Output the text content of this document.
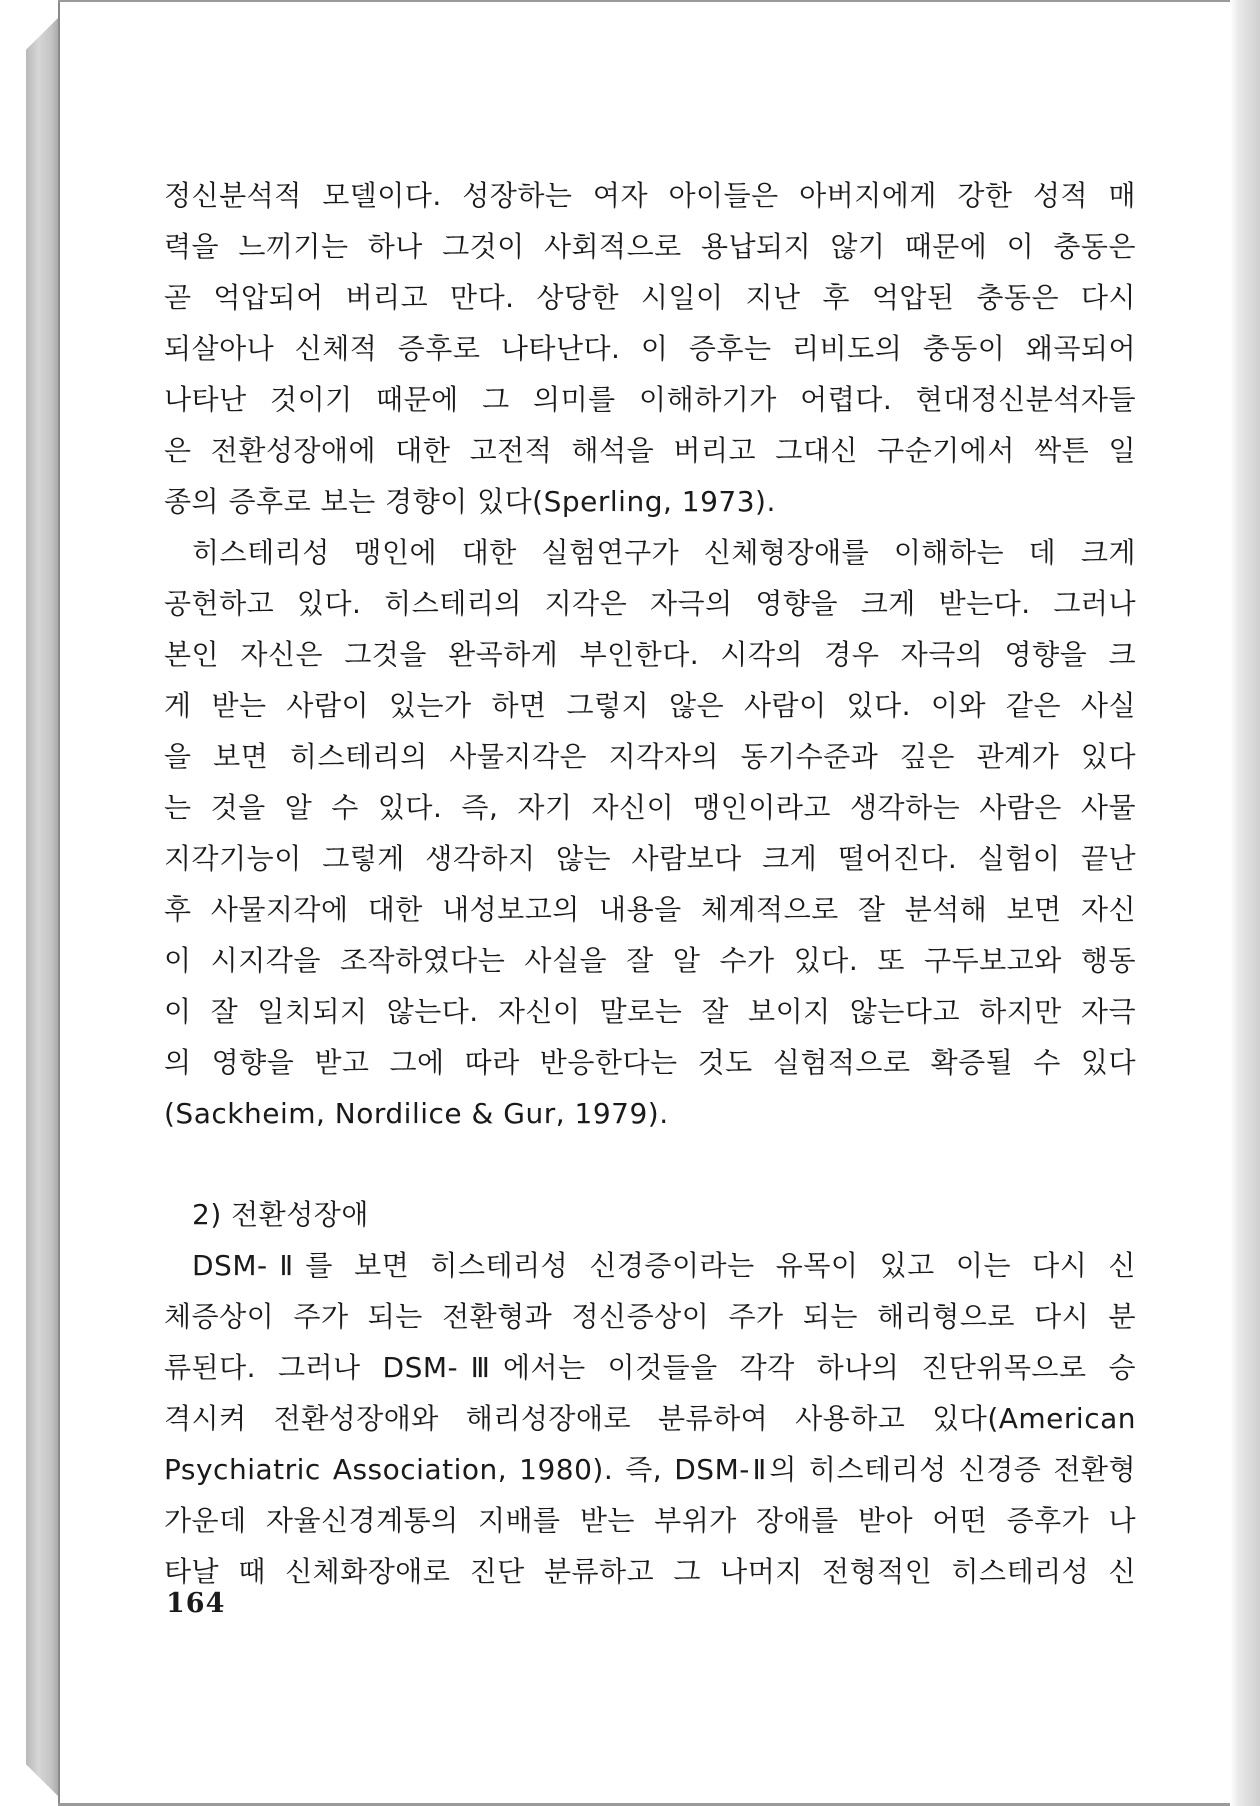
정신분석적 모델이다. 성장하는 여자 아이들은 아버지에게 강한 성적 매
력을 느끼기는 하나 그것이 사회적으로 용납되지 않기 때문에 이 충동은
곧 억압되어 버리고 만다. 상당한 시일이 지난 후 억압된 충동은 다시
되살아나 신체적 증후로 나타난다. 이 증후는 리비도의 충동이 왜곡되어
나타난 것이기 때문에 그 의미를 이해하기가 어렵다. 현대정신분석자들
은 전환성장애에 대한 고전적 해석을 버리고 그대신 구순기에서 싹튼 일
종의 증후로 보는 경향이 있다(Sperling, 1973).
히스테리성 맹인에 대한 실험연구가 신체형장애를 이해하는 데 크게
공헌하고 있다. 히스테리의 지각은 자극의 영향을 크게 받는다. 그러나
본인 자신은 그것을 완곡하게 부인한다. 시각의 경우 자극의 영향을 크
게 받는 사람이 있는가 하면 그렇지 않은 사람이 있다. 이와 같은 사실
을 보면 히스테리의 사물지각은 지각자의 동기수준과 깊은 관계가 있다
는 것을 알 수 있다. 즉, 자기 자신이 맹인이라고 생각하는 사람은 사물
지각기능이 그렇게 생각하지 않는 사람보다 크게 떨어진다. 실험이 끝난
후 사물지각에 대한 내성보고의 내용을 체계적으로 잘 분석해 보면 자신
이 시지각을 조작하였다는 사실을 잘 알 수가 있다. 또 구두보고와 행동
이 잘 일치되지 않는다. 자신이 말로는 잘 보이지 않는다고 하지만 자극
의 영향을 받고 그에 따라 반응한다는 것도 실험적으로 확증될 수 있다
(Sackheim, Nordilice & Gur, 1979).
2) 전환성장애
DSM-Ⅱ를 보면 히스테리성 신경증이라는 유목이 있고 이는 다시 신
체증상이 주가 되는 전환형과 정신증상이 주가 되는 해리형으로 다시 분
류된다. 그러나 DSM-Ⅲ에서는 이것들을 각각 하나의 진단위목으로 승
격시켜 전환성장애와 해리성장애로 분류하여 사용하고 있다(American
Psychiatric Association, 1980). 즉, DSM-Ⅱ의 히스테리성 신경증 전환형
가운데 자율신경계통의 지배를 받는 부위가 장애를 받아 어떤 증후가 나
타날 때 신체화장애로 진단 분류하고 그 나머지 전형적인 히스테리성 신
164
